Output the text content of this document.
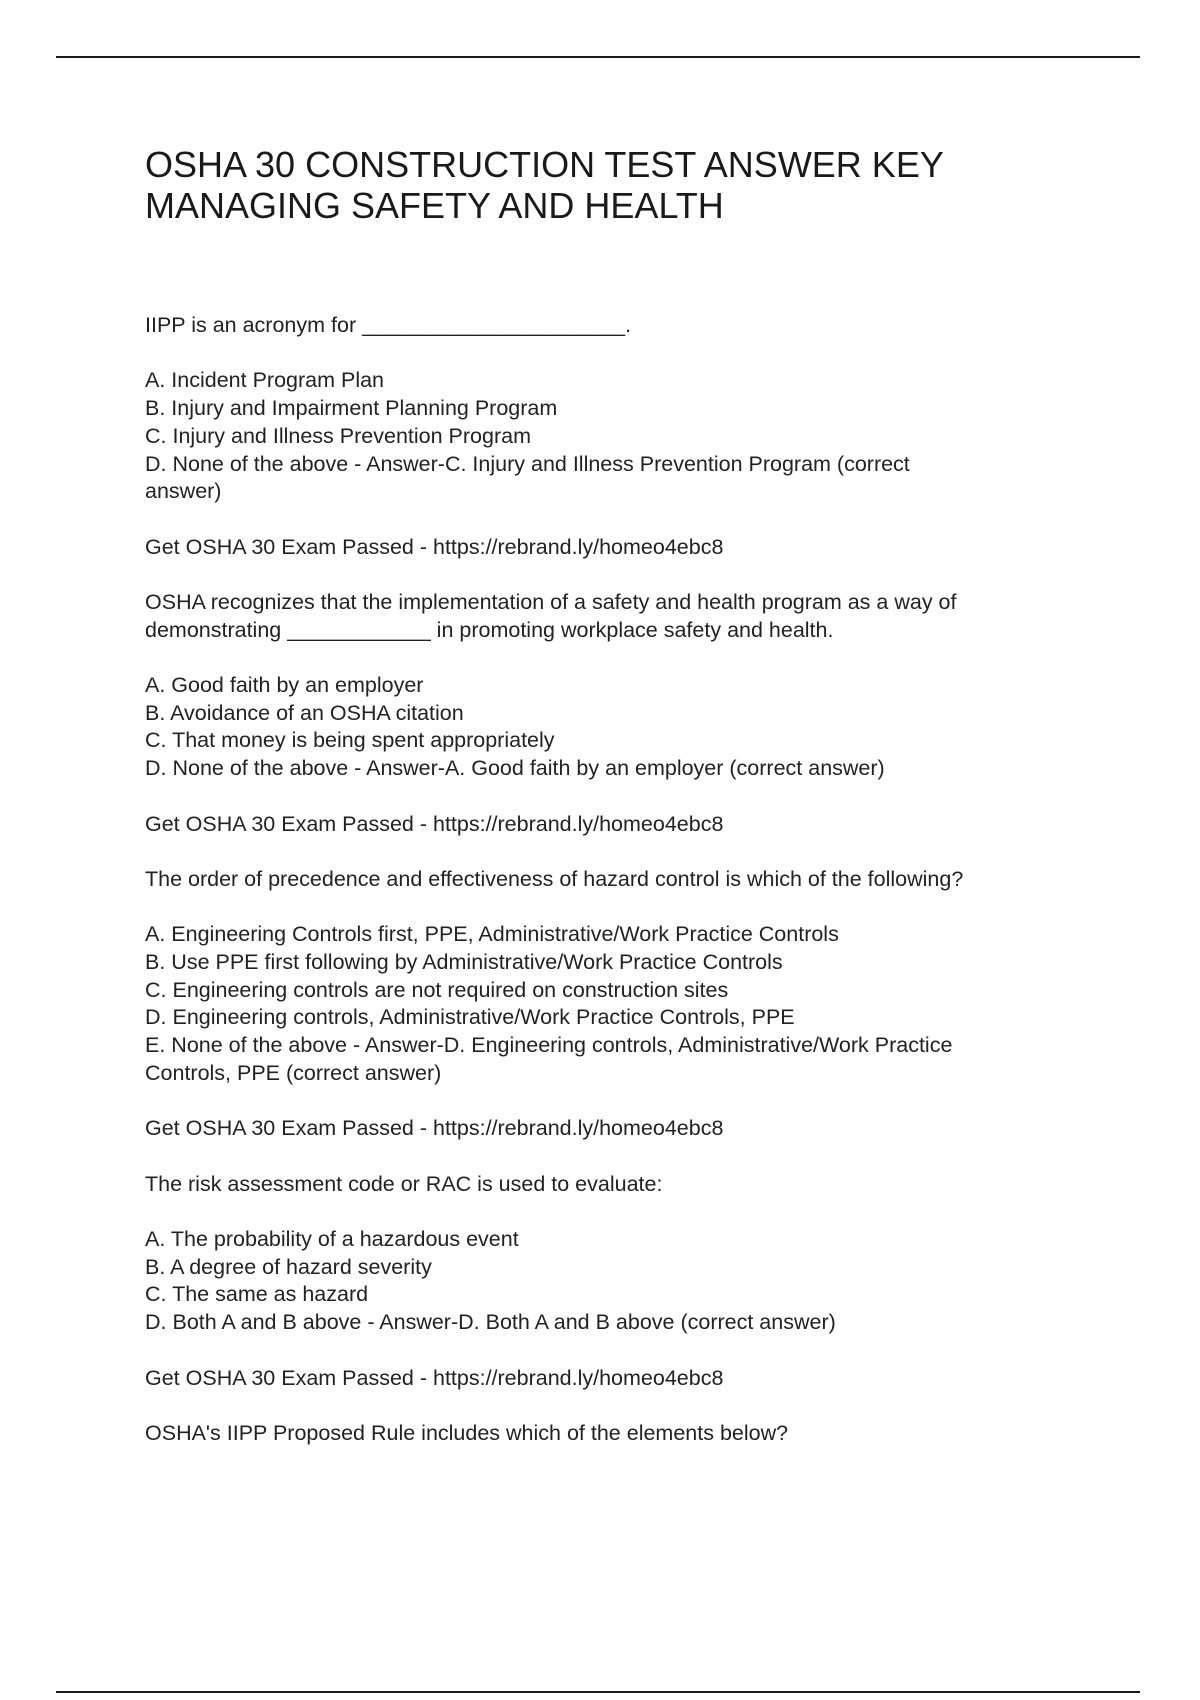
OSHA 30 CONSTRUCTION TEST ANSWER KEY
MANAGING SAFETY AND HEALTH
IIPP is an acronym for ______________________.
A. Incident Program Plan
B. Injury and Impairment Planning Program
C. Injury and Illness Prevention Program
D. None of the above - Answer-C. Injury and Illness Prevention Program (correct
answer)
Get OSHA 30 Exam Passed - https://rebrand.ly/homeo4ebc8
OSHA recognizes that the implementation of a safety and health program as a way of
demonstrating ____________ in promoting workplace safety and health.
A. Good faith by an employer
B. Avoidance of an OSHA citation
C. That money is being spent appropriately
D. None of the above - Answer-A. Good faith by an employer (correct answer)
Get OSHA 30 Exam Passed - https://rebrand.ly/homeo4ebc8
The order of precedence and effectiveness of hazard control is which of the following?
A. Engineering Controls first, PPE, Administrative/Work Practice Controls
B. Use PPE first following by Administrative/Work Practice Controls
C. Engineering controls are not required on construction sites
D. Engineering controls, Administrative/Work Practice Controls, PPE
E. None of the above - Answer-D. Engineering controls, Administrative/Work Practice
Controls, PPE (correct answer)
Get OSHA 30 Exam Passed - https://rebrand.ly/homeo4ebc8
The risk assessment code or RAC is used to evaluate:
A. The probability of a hazardous event
B. A degree of hazard severity
C. The same as hazard
D. Both A and B above - Answer-D. Both A and B above (correct answer)
Get OSHA 30 Exam Passed - https://rebrand.ly/homeo4ebc8
OSHA's IIPP Proposed Rule includes which of the elements below?
